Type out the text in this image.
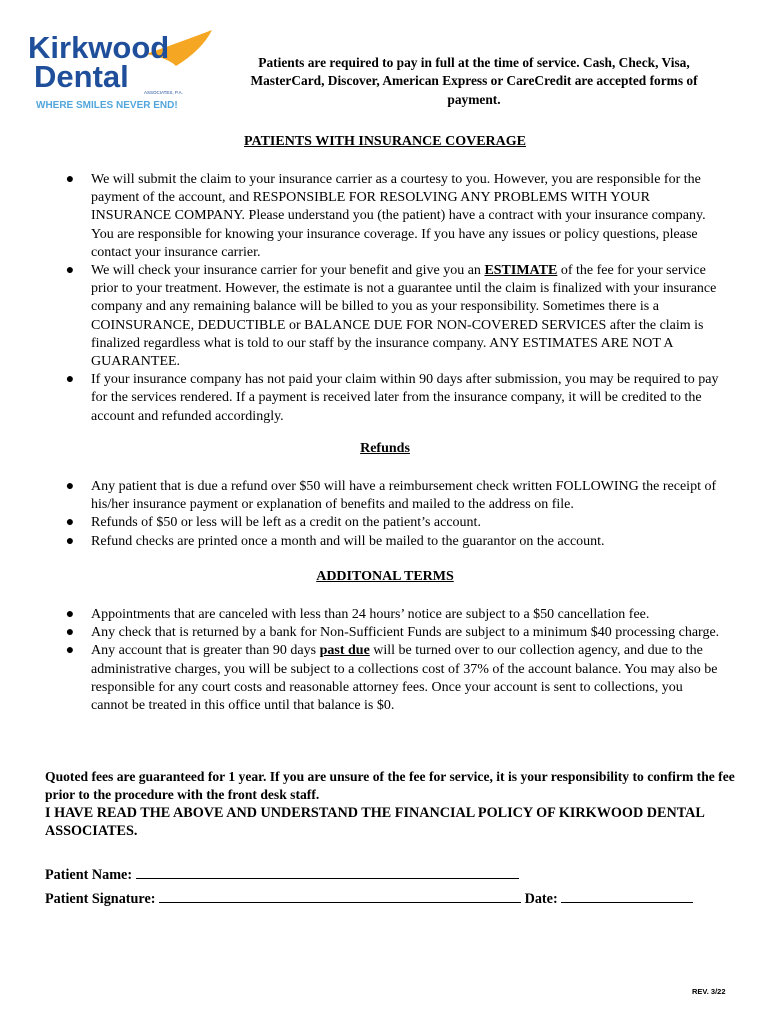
Kirkwood
Dental	ASSOCIATES, P.A.
WHERE SMILES NEVER END!
Patients are required to pay in full at the time of service. Cash, Check, Visa, MasterCard, Discover, American Express or CareCredit are accepted forms of payment.
PATIENTS WITH INSURANCE COVERAGE
● We will submit the claim to your insurance carrier as a courtesy to you. However, you are responsible for the payment of the account, and RESPONSIBLE FOR RESOLVING ANY PROBLEMS WITH YOUR INSURANCE COMPANY. Please understand you (the patient) have a contract with your insurance company. You are responsible for knowing your insurance coverage. If you have any issues or policy questions, please contact your insurance carrier.
● We will check your insurance carrier for your benefit and give you an ESTIMATE of the fee for your service prior to your treatment. However, the estimate is not a guarantee until the claim is finalized with your insurance company and any remaining balance will be billed to you as your responsibility. Sometimes there is a COINSURANCE, DEDUCTIBLE or BALANCE DUE FOR NON-COVERED SERVICES after the claim is finalized regardless what is told to our staff by the insurance company. ANY ESTIMATES ARE NOT A GUARANTEE.
● If your insurance company has not paid your claim within 90 days after submission, you may be required to pay for the services rendered. If a payment is received later from the insurance company, it will be credited to the account and refunded accordingly.
Refunds
● Any patient that is due a refund over $50 will have a reimbursement check written FOLLOWING the receipt of his/her insurance payment or explanation of benefits and mailed to the address on file.
● Refunds of $50 or less will be left as a credit on the patient’s account.
● Refund checks are printed once a month and will be mailed to the guarantor on the account.
ADDITONAL TERMS
● Appointments that are canceled with less than 24 hours’ notice are subject to a $50 cancellation fee.
● Any check that is returned by a bank for Non-Sufficient Funds are subject to a minimum $40 processing charge.
● Any account that is greater than 90 days past due will be turned over to our collection agency, and due to the administrative charges, you will be subject to a collections cost of 37% of the account balance. You may also be responsible for any court costs and reasonable attorney fees. Once your account is sent to collections, you cannot be treated in this office until that balance is $0.
Quoted fees are guaranteed for 1 year. If you are unsure of the fee for service, it is your responsibility to confirm the fee prior to the procedure with the front desk staff.
I HAVE READ THE ABOVE AND UNDERSTAND THE FINANCIAL POLICY OF KIRKWOOD DENTAL ASSOCIATES.
Patient Name:
Patient Signature:	Date:
REV. 3/22
